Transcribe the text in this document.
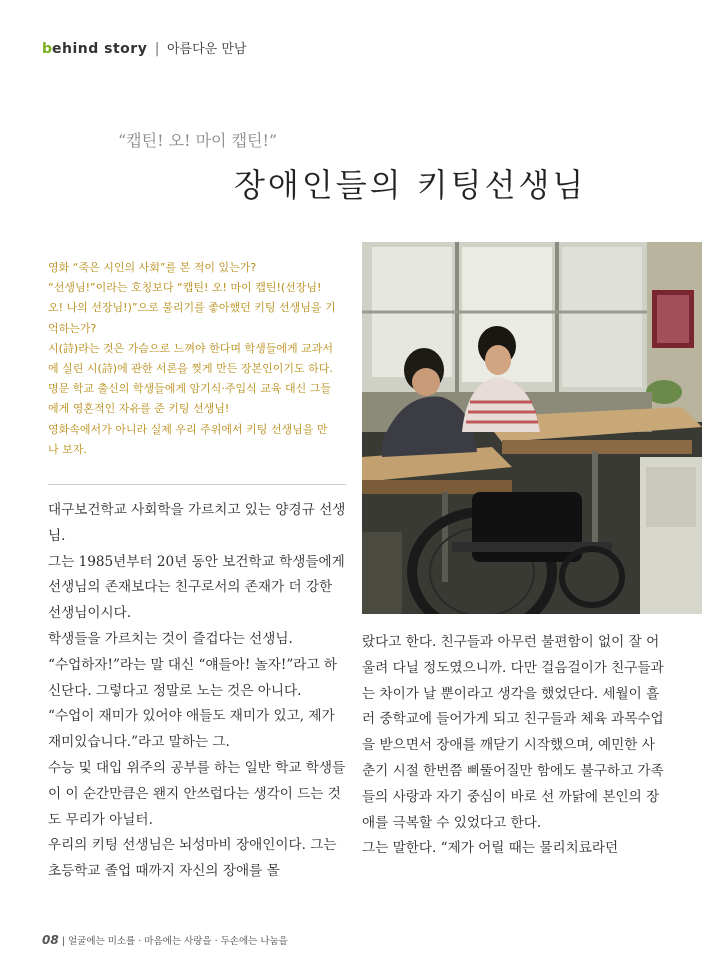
behind story | 아름다운 만남
“캡틴! 오! 마이 캡틴!”
장애인들의 키팅선생님

영화 “죽은 시인의 사회”를 본 적이 있는가?

“선생님!”이라는 호칭보다 “캡틴! 오! 마이 캡틴!(선장님! 오! 나의 선장님!)”으로 불리기를 좋아했던 키팅 선생님을 기억하는가?

시(詩)라는 것은 가슴으로 느껴야 한다며 학생들에게 교과서에 실린 시(詩)에 관한 서론을 찢게 만든 장본인이기도 하다. 명문 학교 출신의 학생들에게 암기식·주입식 교육 대신 그들에게 영혼적인 자유를 준 키팅 선생님!

영화속에서가 아니라 실제 우리 주위에서 키팅 선생님을 만나 보자.

대구보건학교 사회학을 가르치고 있는 양경규 선생님.

그는 1985년부터 20년 동안 보건학교 학생들에게 선생님의 존재보다는 친구로서의 존재가 더 강한 선생님이시다.

학생들을 가르치는 것이 즐겁다는 선생님.

“수업하자!”라는 말 대신 “얘들아! 놀자!”라고 하신단다. 그렇다고 정말로 노는 것은 아니다.

“수업이 재미가 있어야 애들도 재미가 있고, 제가 재미있습니다.”라고 말하는 그.

수능 및 대입 위주의 공부를 하는 일반 학교 학생들이 이 순간만큼은 왠지 안쓰럽다는 생각이 드는 것도 무리가 아닐터.

우리의 키팅 선생님은 뇌성마비 장애인이다. 그는 초등학교 졸업 때까지 자신의 장애를 몰

랐다고 한다. 친구들과 아무런 불편함이 없이 잘 어울려 다닐 정도였으니까. 다만 걸음걸이가 친구들과는 차이가 날 뿐이라고 생각을 했었단다. 세월이 흘러 중학교에 들어가게 되고 친구들과 체육 과목수업을 받으면서 장애를 깨닫기 시작했으며, 예민한 사춘기 시절 한번쯤 삐뚤어질만 함에도 불구하고 가족들의 사랑과 자기 중심이 바로 선 까닭에 본인의 장애를 극복할 수 있었다고 한다.

그는 말한다. “제가 어릴 때는 물리치료라던

08 | 얼굴에는 미소를 · 마음에는 사랑을 · 두손에는 나눔을
